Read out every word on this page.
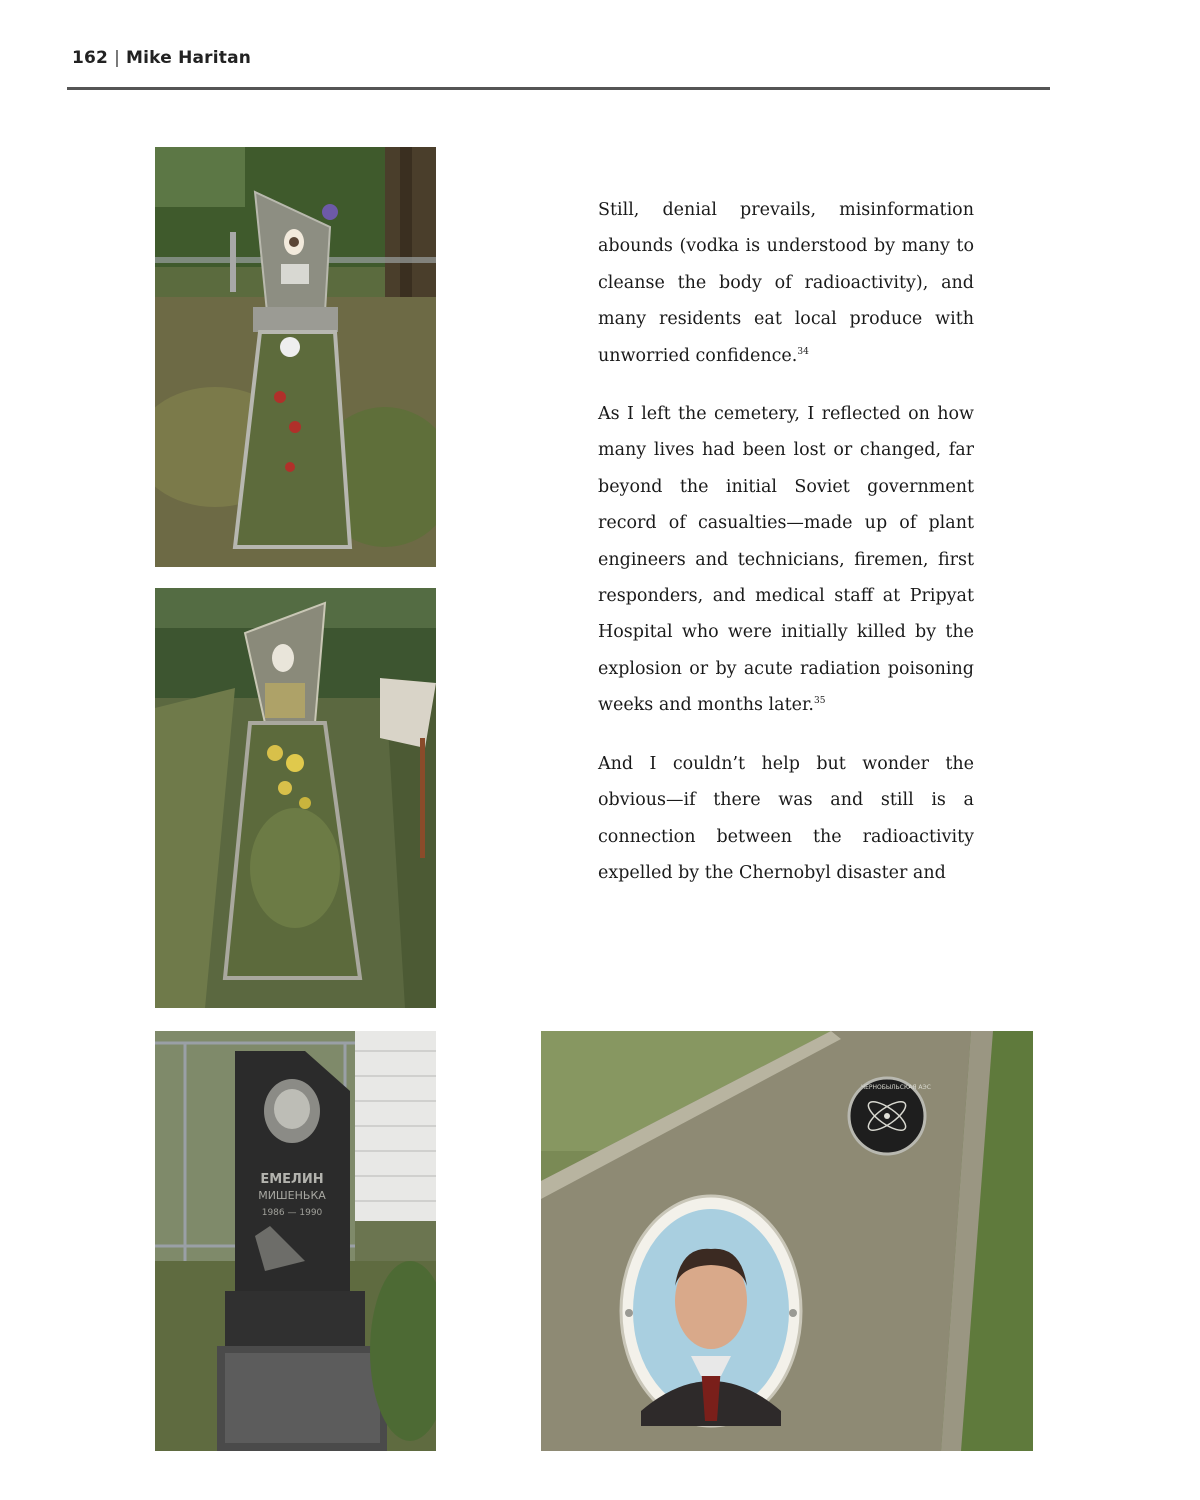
162 | Mike Haritan
ЕМЕЛИН
МИШЕНЬКА
1986 — 1990
ЧЕРНОБЫЛЬСКАЯ АЭС

Still, denial prevails, misinformation abounds (vodka is understood by many to cleanse the body of radioactivity), and many residents eat local produce with unworried confidence.$^{34}$

As I left the cemetery, I reflected on how many lives had been lost or changed, far beyond the initial Soviet government record of casualties—made up of plant engineers and technicians, firemen, first responders, and medical staff at Pripyat Hospital who were initially killed by the explosion or by acute radiation poisoning weeks and months later.$^{35}$

And I couldn’t help but wonder the obvious—if there was and still is a connection between the radioactivity expelled by the Chernobyl disaster and
